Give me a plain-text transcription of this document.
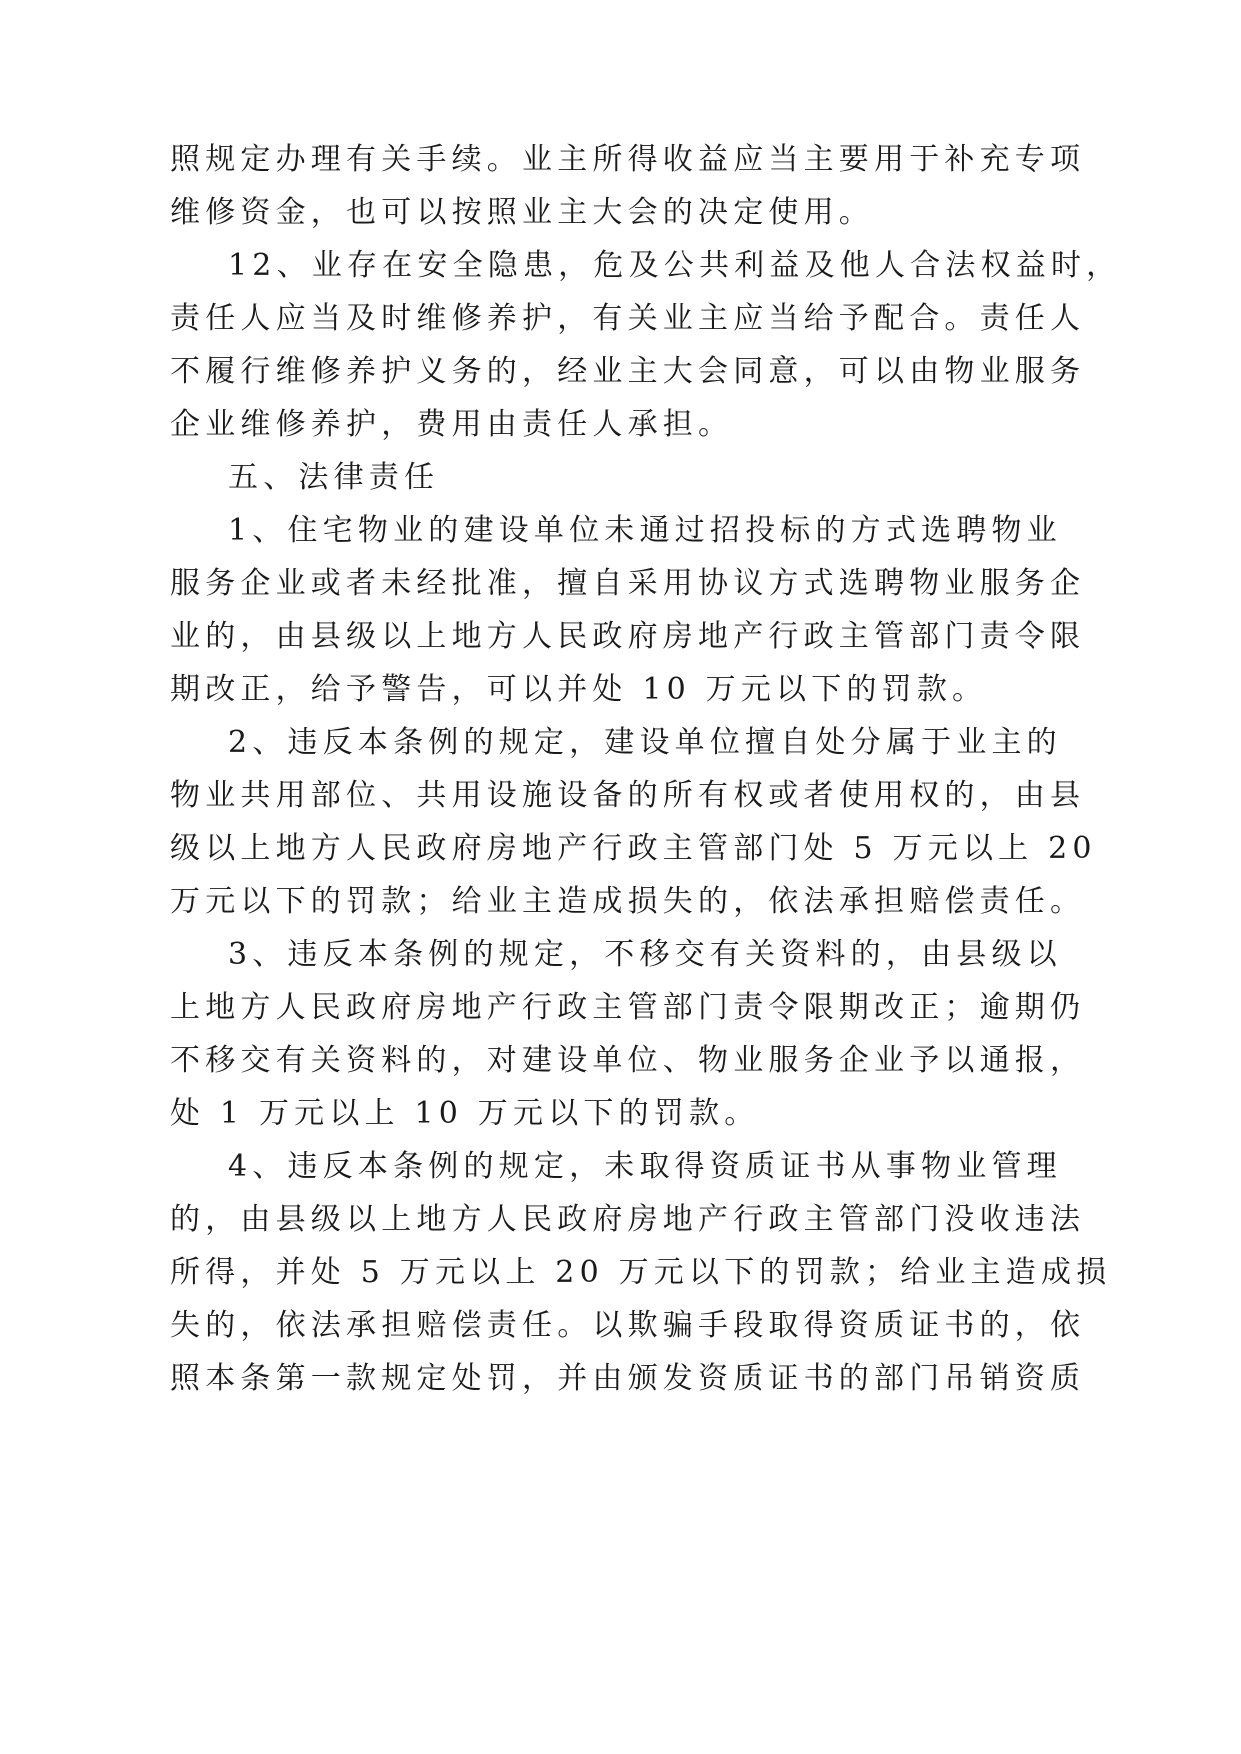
照规定办理有关手续。业主所得收益应当主要用于补充专项
维修资金，也可以按照业主大会的决定使用。
12、业存在安全隐患，危及公共利益及他人合法权益时，
责任人应当及时维修养护，有关业主应当给予配合。责任人
不履行维修养护义务的，经业主大会同意，可以由物业服务
企业维修养护，费用由责任人承担。
五、法律责任
1、住宅物业的建设单位未通过招投标的方式选聘物业
服务企业或者未经批准，擅自采用协议方式选聘物业服务企
业的，由县级以上地方人民政府房地产行政主管部门责令限
期改正，给予警告，可以并处 10 万元以下的罚款。
2、违反本条例的规定，建设单位擅自处分属于业主的
物业共用部位、共用设施设备的所有权或者使用权的，由县
级以上地方人民政府房地产行政主管部门处 5 万元以上 20
万元以下的罚款；给业主造成损失的，依法承担赔偿责任。
3、违反本条例的规定，不移交有关资料的，由县级以
上地方人民政府房地产行政主管部门责令限期改正；逾期仍
不移交有关资料的，对建设单位、物业服务企业予以通报，
处 1 万元以上 10 万元以下的罚款。
4、违反本条例的规定，未取得资质证书从事物业管理
的，由县级以上地方人民政府房地产行政主管部门没收违法
所得，并处 5 万元以上 20 万元以下的罚款；给业主造成损
失的，依法承担赔偿责任。以欺骗手段取得资质证书的，依
照本条第一款规定处罚，并由颁发资质证书的部门吊销资质
